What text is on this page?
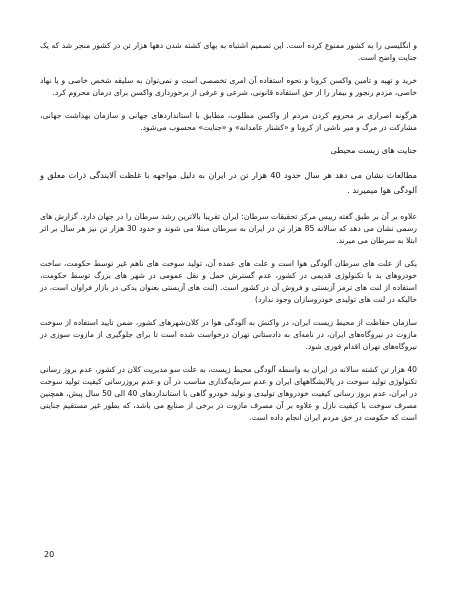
و انگلیسی را به کشور ممنوع کرده است. این تصمیم اشتباه به بهای کشته شدن دهها هزار تن در کشور منجر شد که یک جنایت واضح است.

خرید و تهیه و تامین واکسن کرونا و نحوه استفاده آن امری تخصصی است و نمی‌توان به سلیقه شخص خاصی و یا نهاد خاصی، مردم رنجور و بیمار را از حق استفاده قانونی، شرعی و عرفی از برخورداری واکسن برای درمان محروم کرد.

هرگونه اصراری بر محروم کردن مردم از واکسن مطلوب، مطابق با استانداردهای جهانی و سازمان بهداشت جهانی، مشارکت در مرگ و میر ناشی از کرونا و «کشتار عامدانه» و «جنایت» محسوب می‌شود.

جنایت های زیست محیطی

مطالعات نشان می دهد هر سال حدود 40 هزار تن در ایران به دلیل مواجهه با غلظت آلایندگی ذرات معلق و آلودگی هوا میمیرند .

علاوه بر آن بر طبق گفته رییس مرکز تحقیقات سرطان: ایران تقریبا بالاترین رشد سرطان را در جهان دارد. گزارش های رسمی نشان می دهد که سالانه 85 هزار تن در ایران به سرطان مبتلا می شوند و حدود 30 هزار تن نیز هر سال بر اثر ابتلا به سرطان می میرند.

یکی از علت های سرطان آلودگی هوا است و علت های عمده آن، تولید سوخت های ناهم غیر توسط حکومت، ساخت خودروهای بد با تکنولوژی قدیمی در کشور، عدم گسترش حمل و نقل عمومی در شهر های بزرگ توسط حکومت، استفاده از لنت های ترمز آزبستی و فروش آن در کشور است. (لنت های آزبستی بعنوان یدکی در بازار فراوان است، در حالیکه در لنت های تولیدی خودروسازان وجود ندارد)

سازمان حفاظت از محیط زیست ایران، در واکنش به آلودگی هوا در کلان‌شهرهای کشور، ضمن تایید استفاده از سوخت مازوت در نیروگاه‌های ایران، در نامه‌ای به دادستانی تهران درخواست شده است تا برای جلوگیری از مازوت سوزی در نیروگاه‌های تهران اقدام فوری شود.

40 هزار تن کشته سالانه در ایران به واسطه آلودگی محیط زیست، به علت سو مدیریت کلان در کشور، عدم بروز رسانی تکنولوژی تولید سوخت در پالایشگاههای ایران و عدم سرمایه‌گذاری مناسب در آن و عدم بروزرسانی کیفیت تولید سوخت در ایران، عدم بروز رسانی کیفیت خودروهای تولیدی و تولید خودرو گاهی با استانداردهای 40 الی 50 سال پیش، همچنین مصرف سوخت با کیفیت نازل و علاوه بر آن مصرف مازوت در برخی از صنایع می باشد، که بطور غیر مستقیم جنایتی است که حکومت در حق مردم ایران انجام داده است.

20
